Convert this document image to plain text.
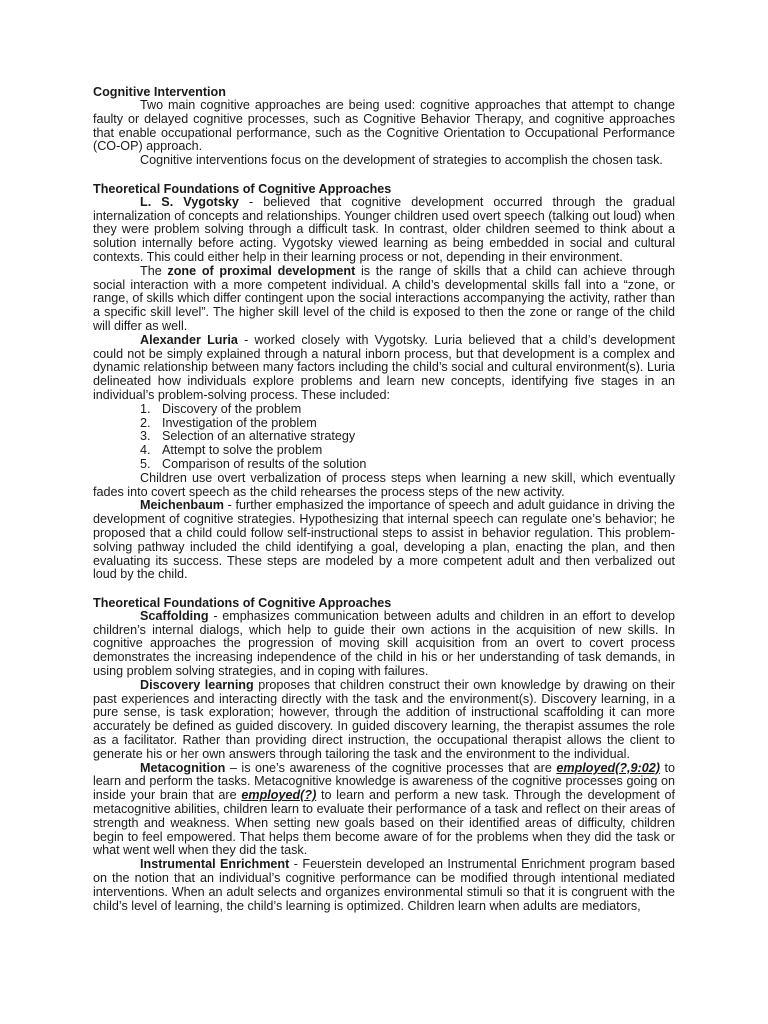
Cognitive Intervention

Two main cognitive approaches are being used: cognitive approaches that attempt to change faulty or delayed cognitive processes, such as Cognitive Behavior Therapy, and cognitive approaches that enable occupational performance, such as the Cognitive Orientation to Occupational Performance (CO-OP) approach.

Cognitive interventions focus on the development of strategies to accomplish the chosen task.

Theoretical Foundations of Cognitive Approaches

L. S. Vygotsky - believed that cognitive development occurred through the gradual internalization of concepts and relationships. Younger children used overt speech (talking out loud) when they were problem solving through a difficult task. In contrast, older children seemed to think about a solution internally before acting. Vygotsky viewed learning as being embedded in social and cultural contexts. This could either help in their learning process or not, depending in their environment.

The zone of proximal development is the range of skills that a child can achieve through social interaction with a more competent individual. A child’s developmental skills fall into a “zone, or range, of skills which differ contingent upon the social interactions accompanying the activity, rather than a specific skill level”. The higher skill level of the child is exposed to then the zone or range of the child will differ as well.

Alexander Luria - worked closely with Vygotsky. Luria believed that a child’s development could not be simply explained through a natural inborn process, but that development is a complex and dynamic relationship between many factors including the child’s social and cultural environment(s). Luria delineated how individuals explore problems and learn new concepts, identifying five stages in an individual’s problem-solving process. These included:

1. Discovery of the problem
2. Investigation of the problem
3. Selection of an alternative strategy
4. Attempt to solve the problem
5. Comparison of results of the solution

Children use overt verbalization of process steps when learning a new skill, which eventually fades into covert speech as the child rehearses the process steps of the new activity.

Meichenbaum - further emphasized the importance of speech and adult guidance in driving the development of cognitive strategies. Hypothesizing that internal speech can regulate one’s behavior; he proposed that a child could follow self-instructional steps to assist in behavior regulation. This problem-solving pathway included the child identifying a goal, developing a plan, enacting the plan, and then evaluating its success. These steps are modeled by a more competent adult and then verbalized out loud by the child.

Theoretical Foundations of Cognitive Approaches

Scaffolding - emphasizes communication between adults and children in an effort to develop children’s internal dialogs, which help to guide their own actions in the acquisition of new skills. In cognitive approaches the progression of moving skill acquisition from an overt to covert process demonstrates the increasing independence of the child in his or her understanding of task demands, in using problem solving strategies, and in coping with failures.

Discovery learning proposes that children construct their own knowledge by drawing on their past experiences and interacting directly with the task and the environment(s). Discovery learning, in a pure sense, is task exploration; however, through the addition of instructional scaffolding it can more accurately be defined as guided discovery. In guided discovery learning, the therapist assumes the role as a facilitator. Rather than providing direct instruction, the occupational therapist allows the client to generate his or her own answers through tailoring the task and the environment to the individual.

Metacognition – is one’s awareness of the cognitive processes that are employed(?,9:02) to learn and perform the tasks. Metacognitive knowledge is awareness of the cognitive processes going on inside your brain that are employed(?) to learn and perform a new task. Through the development of metacognitive abilities, children learn to evaluate their performance of a task and reflect on their areas of strength and weakness. When setting new goals based on their identified areas of difficulty, children begin to feel empowered. That helps them become aware of for the problems when they did the task or what went well when they did the task.

Instrumental Enrichment - Feuerstein developed an Instrumental Enrichment program based on the notion that an individual’s cognitive performance can be modified through intentional mediated interventions. When an adult selects and organizes environmental stimuli so that it is congruent with the child’s level of learning, the child’s learning is optimized. Children learn when adults are mediators,
